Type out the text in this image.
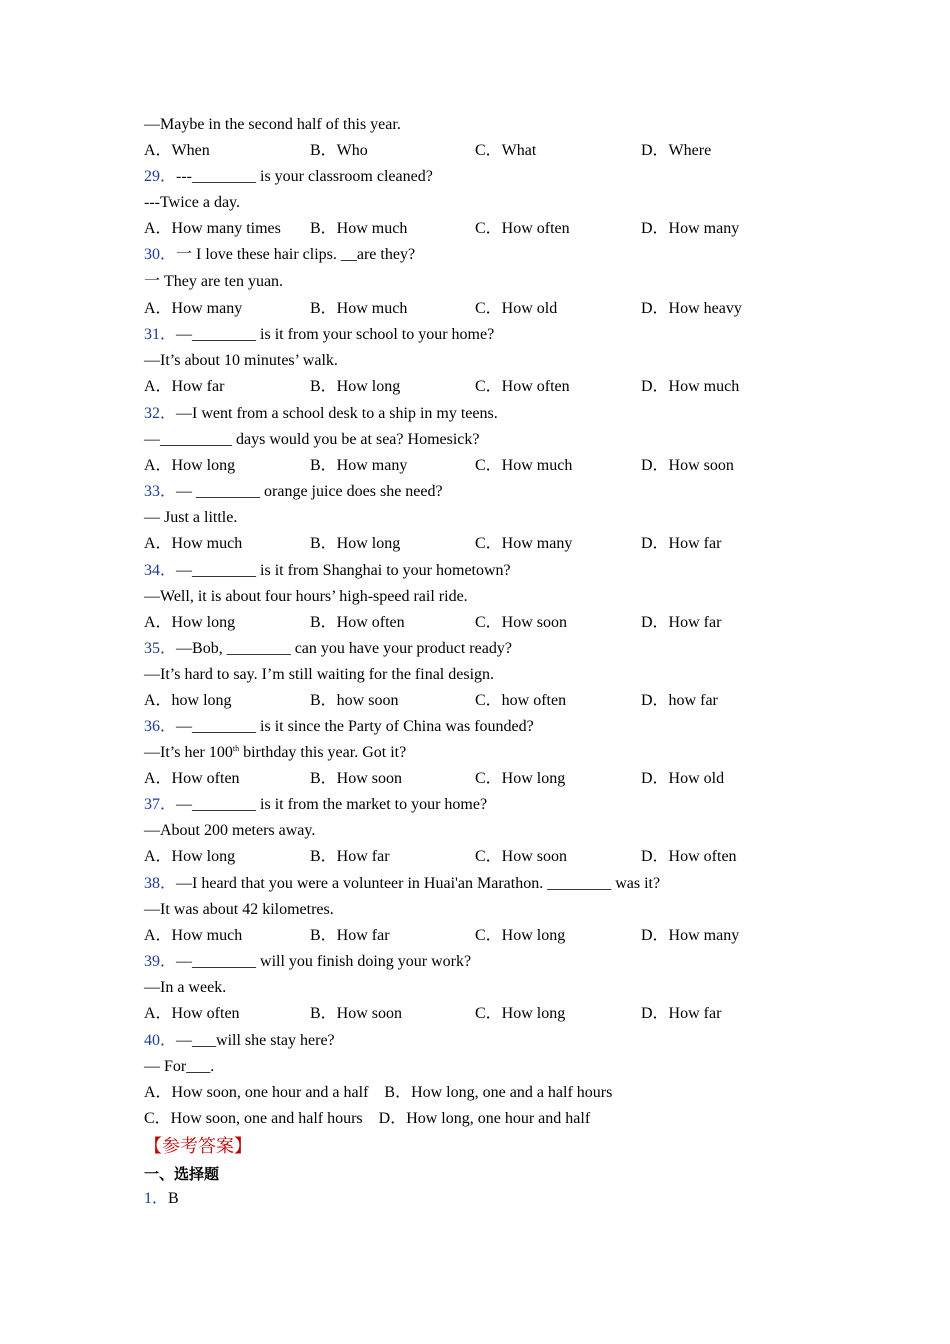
—Maybe in the second half of this year.
A．When	B．Who	C．What	D．Where
29．---________ is your classroom cleaned?
---Twice a day.
A．How many times B．How much	C．How often	D．How many
30．一 I love these hair clips. __are they?
一 They are ten yuan.
A．How many	B．How much	C．How old	D．How heavy
31．—________ is it from your school to your home?
—It’s about 10 minutes’ walk.
A．How far	B．How long	C．How often	D．How much
32．—I went from a school desk to a ship in my teens.
—_________ days would you be at sea? Homesick?
A．How long	B．How many	C．How much	D．How soon
33．— ________ orange juice does she need?
— Just a little.
A．How much	B．How long	C．How many	D．How far
34．—________ is it from Shanghai to your hometown?
—Well, it is about four hours’ high-speed rail ride.
A．How long	B．How often	C．How soon	D．How far
35．—Bob, ________ can you have your product ready?
—It’s hard to say. I’m still waiting for the final design.
A．how long	B．how soon	C．how often	D．how far
36．—________ is it since the Party of China was founded?
—It’s her 100th birthday this year. Got it?
A．How often	B．How soon	C．How long	D．How old
37．—________ is it from the market to your home?
—About 200 meters away.
A．How long	B．How far	C．How soon	D．How often
38．—I heard that you were a volunteer in Huai'an Marathon. ________ was it?
—It was about 42 kilometres.
A．How much	B．How far	C．How long	D．How many
39．—________ will you finish doing your work?
—In a week.
A．How often	B．How soon	C．How long	D．How far
40．—___will she stay here?
— For___.
A．How soon, one hour and a half    B．How long, one and a half hours
C．How soon, one and half hours    D．How long, one hour and half
【参考答案】
一、选择题
1．B
